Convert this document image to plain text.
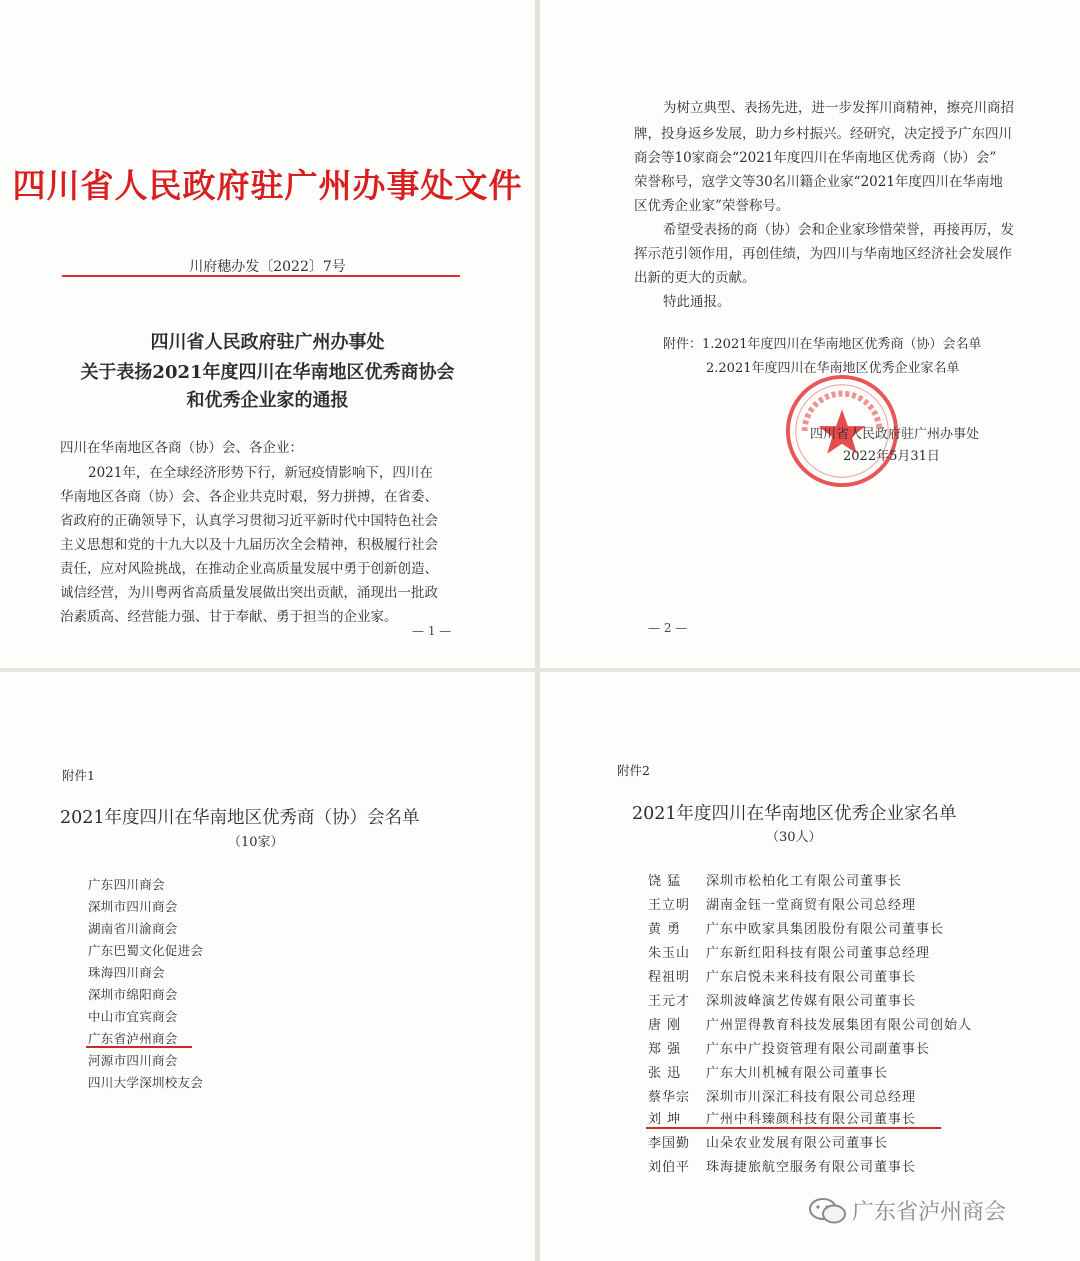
四川省人民政府驻广州办事处文件
川府穗办发〔2022〕7号
四川省人民政府驻广州办事处
关于表扬2021年度四川在华南地区优秀商协会
和优秀企业家的通报
四川在华南地区各商（协）会、各企业：
2021年，在全球经济形势下行，新冠疫情影响下，四川在
华南地区各商（协）会、各企业共克时艰，努力拼搏，在省委、
省政府的正确领导下，认真学习贯彻习近平新时代中国特色社会
主义思想和党的十九大以及十九届历次全会精神，积极履行社会
责任，应对风险挑战，在推动企业高质量发展中勇于创新创造、
诚信经营，为川粤两省高质量发展做出突出贡献，涌现出一批政
治素质高、经营能力强、甘于奉献、勇于担当的企业家。
— 1 —
为树立典型、表扬先进，进一步发挥川商精神，擦亮川商招
牌，投身返乡发展，助力乡村振兴。经研究，决定授予广东四川
商会等10家商会“2021年度四川在华南地区优秀商（协）会”
荣誉称号，寇学文等30名川籍企业家“2021年度四川在华南地
区优秀企业家”荣誉称号。
希望受表扬的商（协）会和企业家珍惜荣誉，再接再厉，发
挥示范引领作用，再创佳绩，为四川与华南地区经济社会发展作
出新的更大的贡献。
特此通报。
附件：1.2021年度四川在华南地区优秀商（协）会名单
2.2021年度四川在华南地区优秀企业家名单
四川省人民政府驻广州办事处
2022年5月31日
— 2 —
附件1
2021年度四川在华南地区优秀商（协）会名单
（10家）
广东四川商会
深圳市四川商会
湖南省川渝商会
广东巴蜀文化促进会
珠海四川商会
深圳市绵阳商会
中山市宜宾商会
广东省泸州商会
河源市四川商会
四川大学深圳校友会
附件2
2021年度四川在华南地区优秀企业家名单
（30人）
饶 猛 深圳市松柏化工有限公司董事长
王立明 湖南金钰一堂商贸有限公司总经理
黄 勇 广东中欧家具集团股份有限公司董事长
朱玉山 广东新红阳科技有限公司董事总经理
程祖明 广东启悦未来科技有限公司董事长
王元才 深圳波峰演艺传媒有限公司董事长
唐 刚 广州罡得教育科技发展集团有限公司创始人
郑 强 广东中广投资管理有限公司副董事长
张 迅 广东大川机械有限公司董事长
蔡华宗 深圳市川深汇科技有限公司总经理
刘 坤 广州中科臻颜科技有限公司董事长
李国勤 山朵农业发展有限公司董事长
刘伯平 珠海捷旅航空服务有限公司董事长
广东省泸州商会
